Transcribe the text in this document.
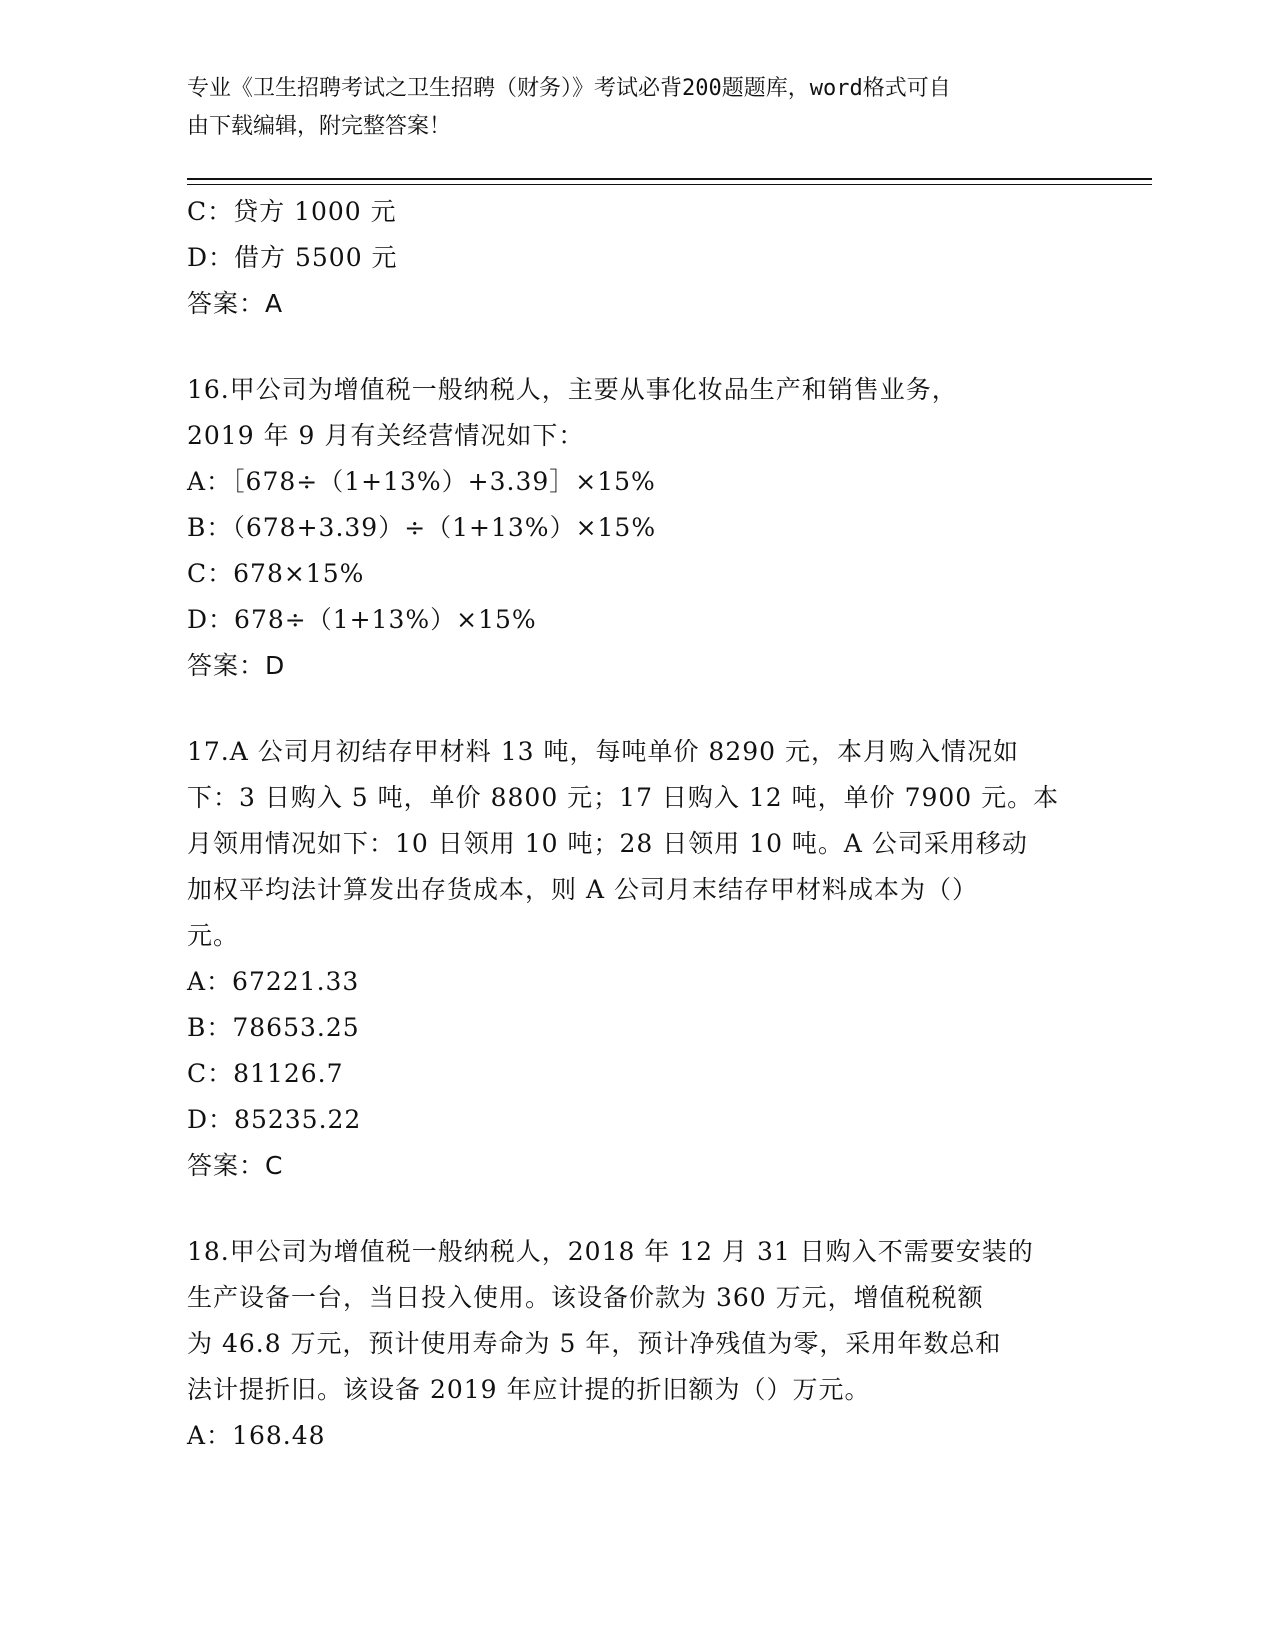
专业《卫生招聘考试之卫生招聘（财务）》考试必背200题题库，word格式可自
由下载编辑，附完整答案！
C：贷方 1000 元
D：借方 5500 元
答案：A
16.甲公司为增值税一般纳税人，主要从事化妆品生产和销售业务，
2019 年 9 月有关经营情况如下：
A：［678÷（1+13%）+3.39］×15%
B：（678+3.39）÷（1+13%）×15%
C：678×15%
D：678÷（1+13%）×15%
答案：D
17.A 公司月初结存甲材料 13 吨，每吨单价 8290 元，本月购入情况如
下：3 日购入 5 吨，单价 8800 元；17 日购入 12 吨，单价 7900 元。本
月领用情况如下：10 日领用 10 吨；28 日领用 10 吨。A 公司采用移动
加权平均法计算发出存货成本，则 A 公司月末结存甲材料成本为（）
元。
A：67221.33
B：78653.25
C：81126.7
D：85235.22
答案：C
18.甲公司为增值税一般纳税人，2018 年 12 月 31 日购入不需要安装的
生产设备一台，当日投入使用。该设备价款为 360 万元，增值税税额
为 46.8 万元，预计使用寿命为 5 年，预计净残值为零，采用年数总和
法计提折旧。该设备 2019 年应计提的折旧额为（）万元。
A：168.48
